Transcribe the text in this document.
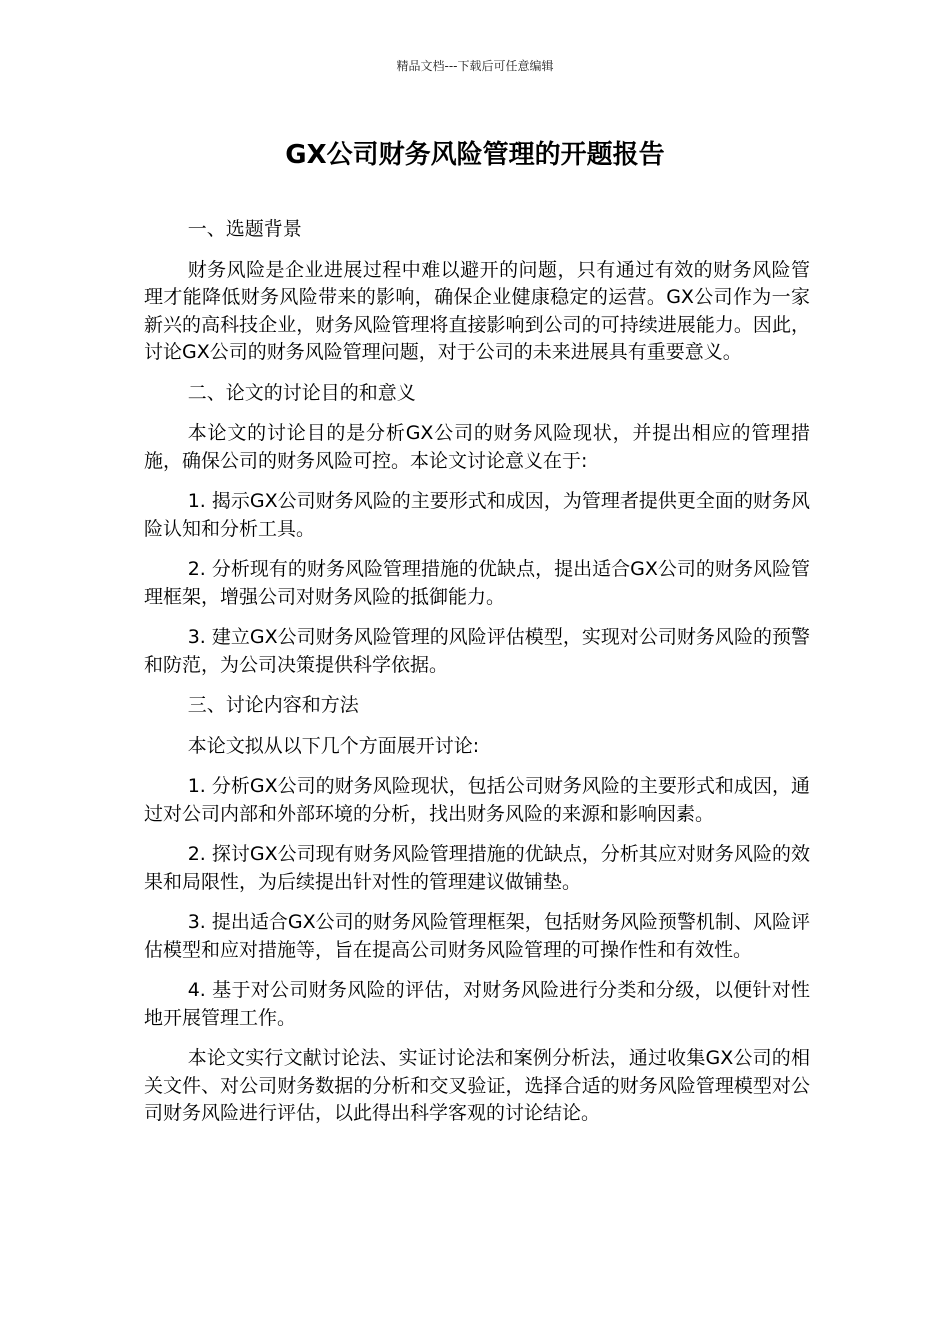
精品文档---下载后可任意编辑
GX公司财务风险管理的开题报告

一、选题背景

财务风险是企业进展过程中难以避开的问题，只有通过有效的财务风险管理才能降低财务风险带来的影响，确保企业健康稳定的运营。GX公司作为一家新兴的高科技企业，财务风险管理将直接影响到公司的可持续进展能力。因此，讨论GX公司的财务风险管理问题，对于公司的未来进展具有重要意义。

二、论文的讨论目的和意义

本论文的讨论目的是分析GX公司的财务风险现状，并提出相应的管理措施，确保公司的财务风险可控。本论文讨论意义在于:

1. 揭示GX公司财务风险的主要形式和成因，为管理者提供更全面的财务风险认知和分析工具。

2. 分析现有的财务风险管理措施的优缺点，提出适合GX公司的财务风险管理框架，增强公司对财务风险的抵御能力。

3. 建立GX公司财务风险管理的风险评估模型，实现对公司财务风险的预警和防范，为公司决策提供科学依据。

三、讨论内容和方法

本论文拟从以下几个方面展开讨论:

1. 分析GX公司的财务风险现状，包括公司财务风险的主要形式和成因，通过对公司内部和外部环境的分析，找出财务风险的来源和影响因素。

2. 探讨GX公司现有财务风险管理措施的优缺点，分析其应对财务风险的效果和局限性，为后续提出针对性的管理建议做铺垫。

3. 提出适合GX公司的财务风险管理框架，包括财务风险预警机制、风险评估模型和应对措施等，旨在提高公司财务风险管理的可操作性和有效性。

4. 基于对公司财务风险的评估，对财务风险进行分类和分级，以便针对性地开展管理工作。

本论文实行文献讨论法、实证讨论法和案例分析法，通过收集GX公司的相关文件、对公司财务数据的分析和交叉验证，选择合适的财务风险管理模型对公司财务风险进行评估，以此得出科学客观的讨论结论。
